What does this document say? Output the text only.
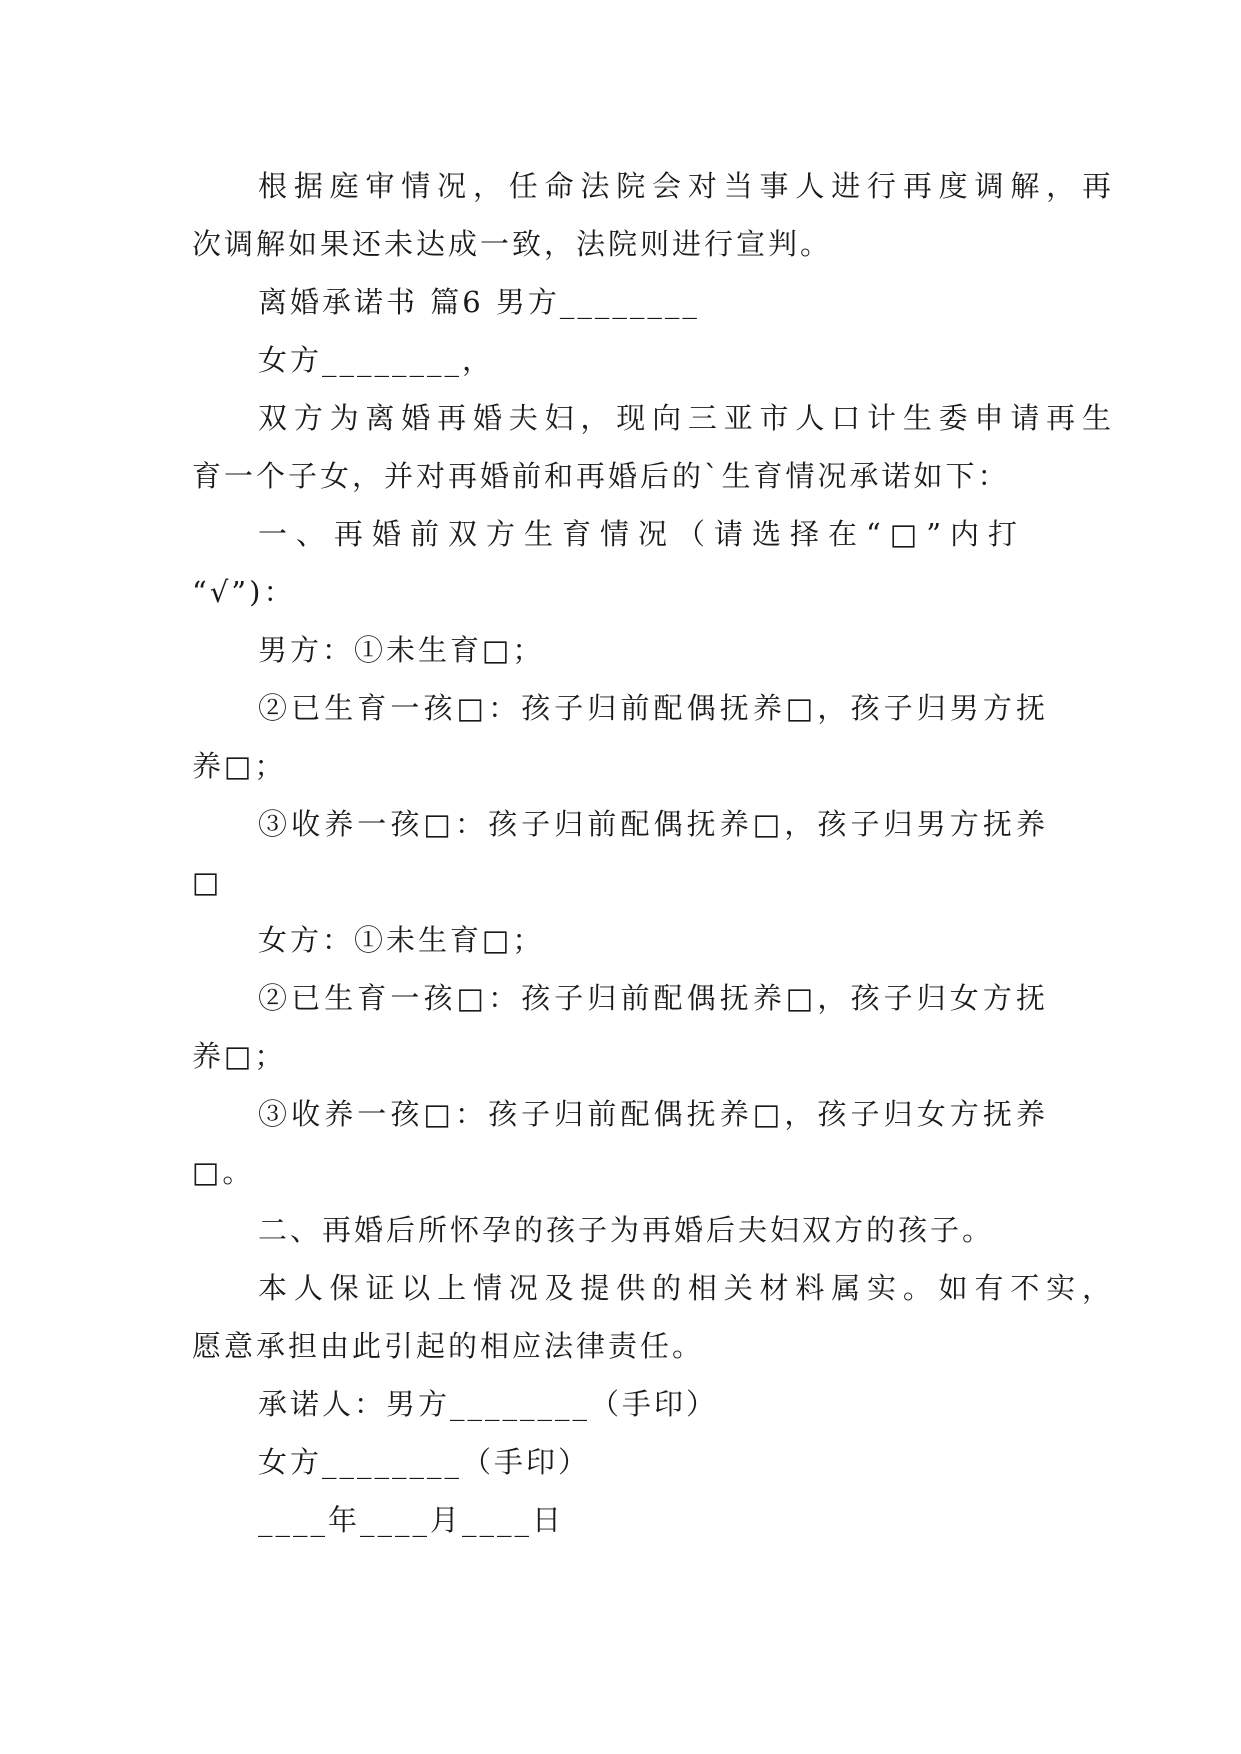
根据庭审情况，任命法院会对当事人进行再度调解，再

次调解如果还未达成一致，法院则进行宣判。

离婚承诺书 篇6 男方________

女方________，

双方为离婚再婚夫妇，现向三亚市人口计生委申请再生

育一个子女，并对再婚前和再婚后的`生育情况承诺如下：

一、再婚前双方生育情况（请选择在“□”内打

“√”)：

男方：①未生育□；

②已生育一孩□：孩子归前配偶抚养□，孩子归男方抚

养□；

③收养一孩□：孩子归前配偶抚养□，孩子归男方抚养

□

女方：①未生育□；

②已生育一孩□：孩子归前配偶抚养□，孩子归女方抚

养□；

③收养一孩□：孩子归前配偶抚养□，孩子归女方抚养

□。

二、再婚后所怀孕的孩子为再婚后夫妇双方的孩子。

本人保证以上情况及提供的相关材料属实。如有不实，

愿意承担由此引起的相应法律责任。

承诺人：男方________（手印）

女方________（手印）

____年____月____日
